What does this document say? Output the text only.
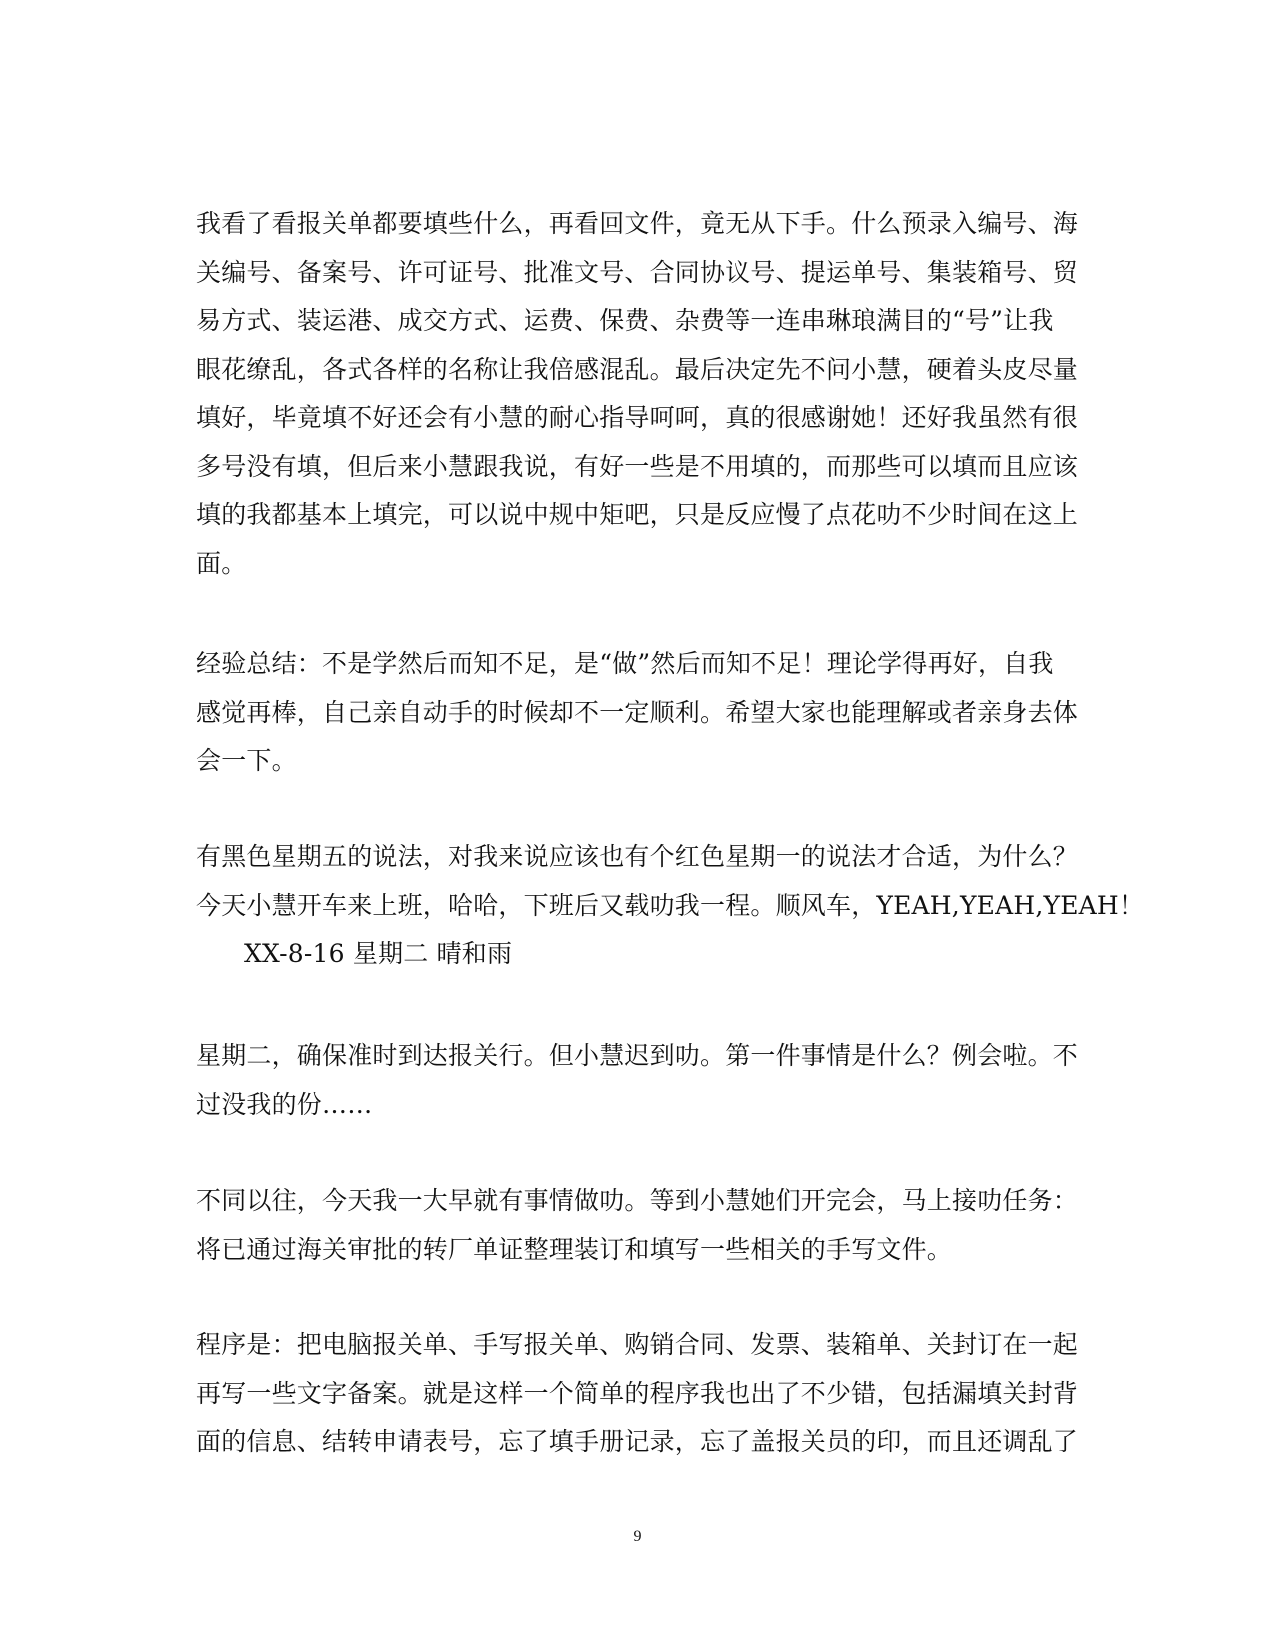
我看了看报关单都要填些什么，再看回文件，竟无从下手。什么预录入编号、海
关编号、备案号、许可证号、批准文号、合同协议号、提运单号、集装箱号、贸
易方式、装运港、成交方式、运费、保费、杂费等一连串琳琅满目的“号”让我
眼花缭乱，各式各样的名称让我倍感混乱。最后决定先不问小慧，硬着头皮尽量
填好，毕竟填不好还会有小慧的耐心指导呵呵，真的很感谢她！还好我虽然有很
多号没有填，但后来小慧跟我说，有好一些是不用填的，而那些可以填而且应该
填的我都基本上填完，可以说中规中矩吧，只是反应慢了点花叻不少时间在这上
面。
经验总结：不是学然后而知不足，是“做”然后而知不足！理论学得再好，自我
感觉再棒，自己亲自动手的时候却不一定顺利。希望大家也能理解或者亲身去体
会一下。
有黑色星期五的说法，对我来说应该也有个红色星期一的说法才合适，为什么？
今天小慧开车来上班，哈哈，下班后又载叻我一程。顺风车，YEAH,YEAH,YEAH！
XX-8-16 星期二 晴和雨
星期二，确保准时到达报关行。但小慧迟到叻。第一件事情是什么？例会啦。不
过没我的份……
不同以往，今天我一大早就有事情做叻。等到小慧她们开完会，马上接叻任务：
将已通过海关审批的转厂单证整理装订和填写一些相关的手写文件。
程序是：把电脑报关单、手写报关单、购销合同、发票、装箱单、关封订在一起
再写一些文字备案。就是这样一个简单的程序我也出了不少错，包括漏填关封背
面的信息、结转申请表号，忘了填手册记录，忘了盖报关员的印，而且还调乱了
9
